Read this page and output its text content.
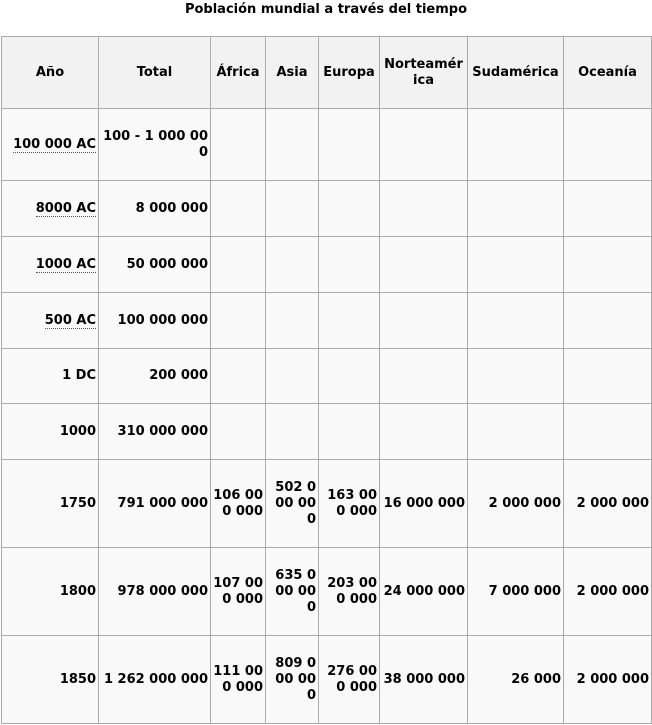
Población mundial a través del tiempo
Año	Total	África	Asia	Europa	Norteamérica	Sudamérica	Oceanía
100 000 AC	100 - 1 000 000						
8000 AC	8 000 000						
1000 AC	50 000 000						
500 AC	100 000 000						
1 DC	200 000						
1000	310 000 000						
1750	791 000 000	106 000 000	502 000 000	163 000 000	16 000 000	2 000 000	2 000 000
1800	978 000 000	107 000 000	635 000 000	203 000 000	24 000 000	7 000 000	2 000 000
1850	1 262 000 000	111 000 000	809 000 000	276 000 000	38 000 000	26 000	2 000 000
